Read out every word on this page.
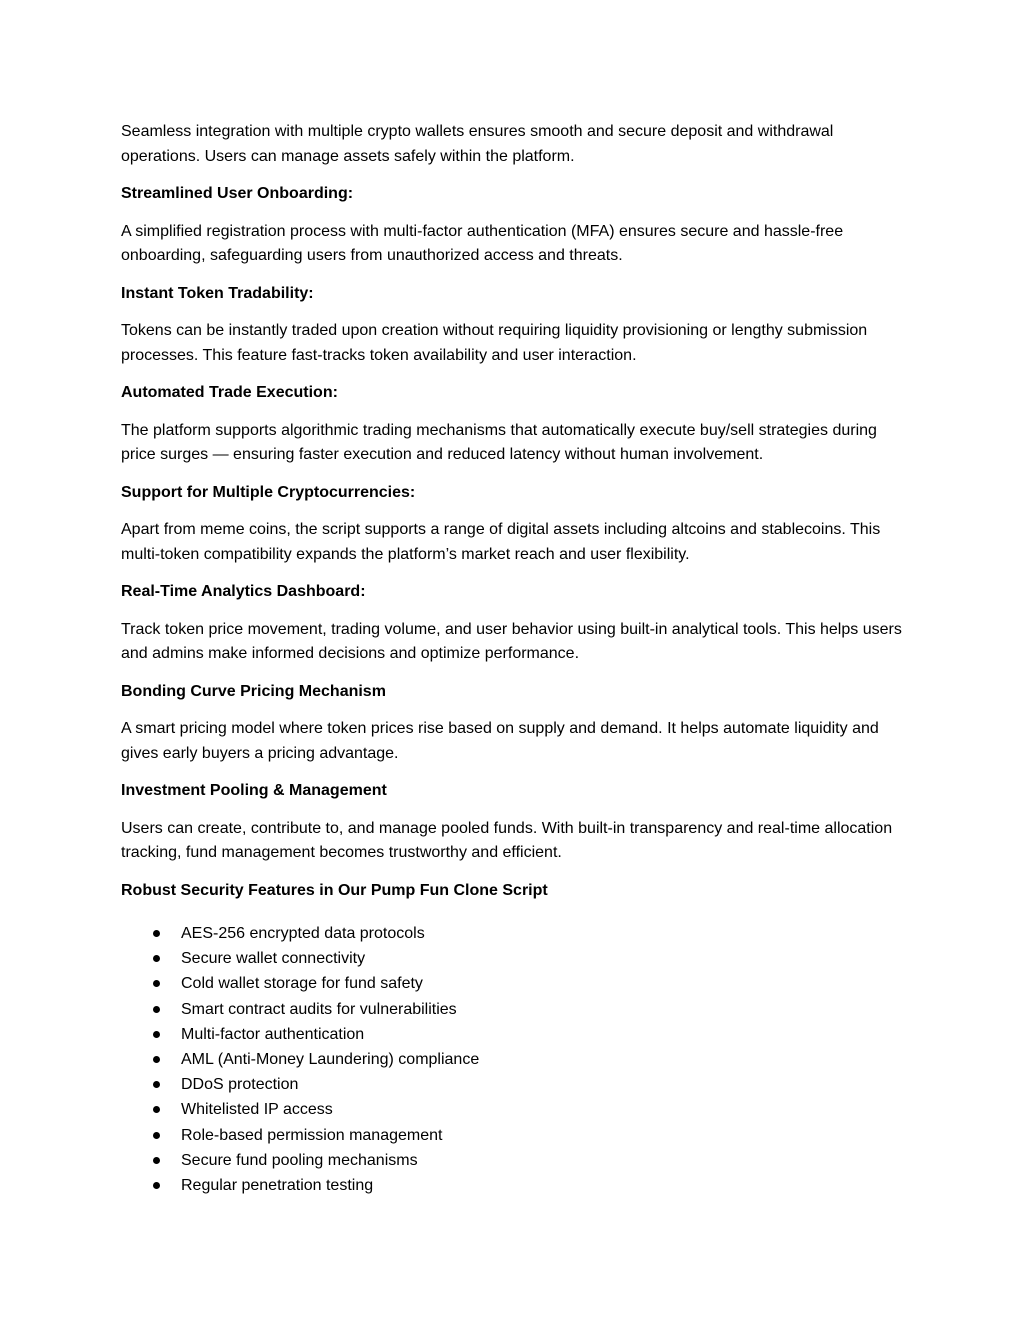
Seamless integration with multiple crypto wallets ensures smooth and secure deposit and withdrawal operations. Users can manage assets safely within the platform.

Streamlined User Onboarding:

A simplified registration process with multi-factor authentication (MFA) ensures secure and hassle-free onboarding, safeguarding users from unauthorized access and threats.

Instant Token Tradability:

Tokens can be instantly traded upon creation without requiring liquidity provisioning or lengthy submission processes. This feature fast-tracks token availability and user interaction.

Automated Trade Execution:

The platform supports algorithmic trading mechanisms that automatically execute buy/sell strategies during price surges — ensuring faster execution and reduced latency without human involvement.

Support for Multiple Cryptocurrencies:

Apart from meme coins, the script supports a range of digital assets including altcoins and stablecoins. This multi-token compatibility expands the platform’s market reach and user flexibility.

Real-Time Analytics Dashboard:

Track token price movement, trading volume, and user behavior using built-in analytical tools. This helps users and admins make informed decisions and optimize performance.

Bonding Curve Pricing Mechanism

A smart pricing model where token prices rise based on supply and demand. It helps automate liquidity and gives early buyers a pricing advantage.

Investment Pooling & Management

Users can create, contribute to, and manage pooled funds. With built-in transparency and real-time allocation tracking, fund management becomes trustworthy and efficient.

Robust Security Features in Our Pump Fun Clone Script
AES-256 encrypted data protocols
Secure wallet connectivity
Cold wallet storage for fund safety
Smart contract audits for vulnerabilities
Multi-factor authentication
AML (Anti-Money Laundering) compliance
DDoS protection
Whitelisted IP access
Role-based permission management
Secure fund pooling mechanisms
Regular penetration testing
